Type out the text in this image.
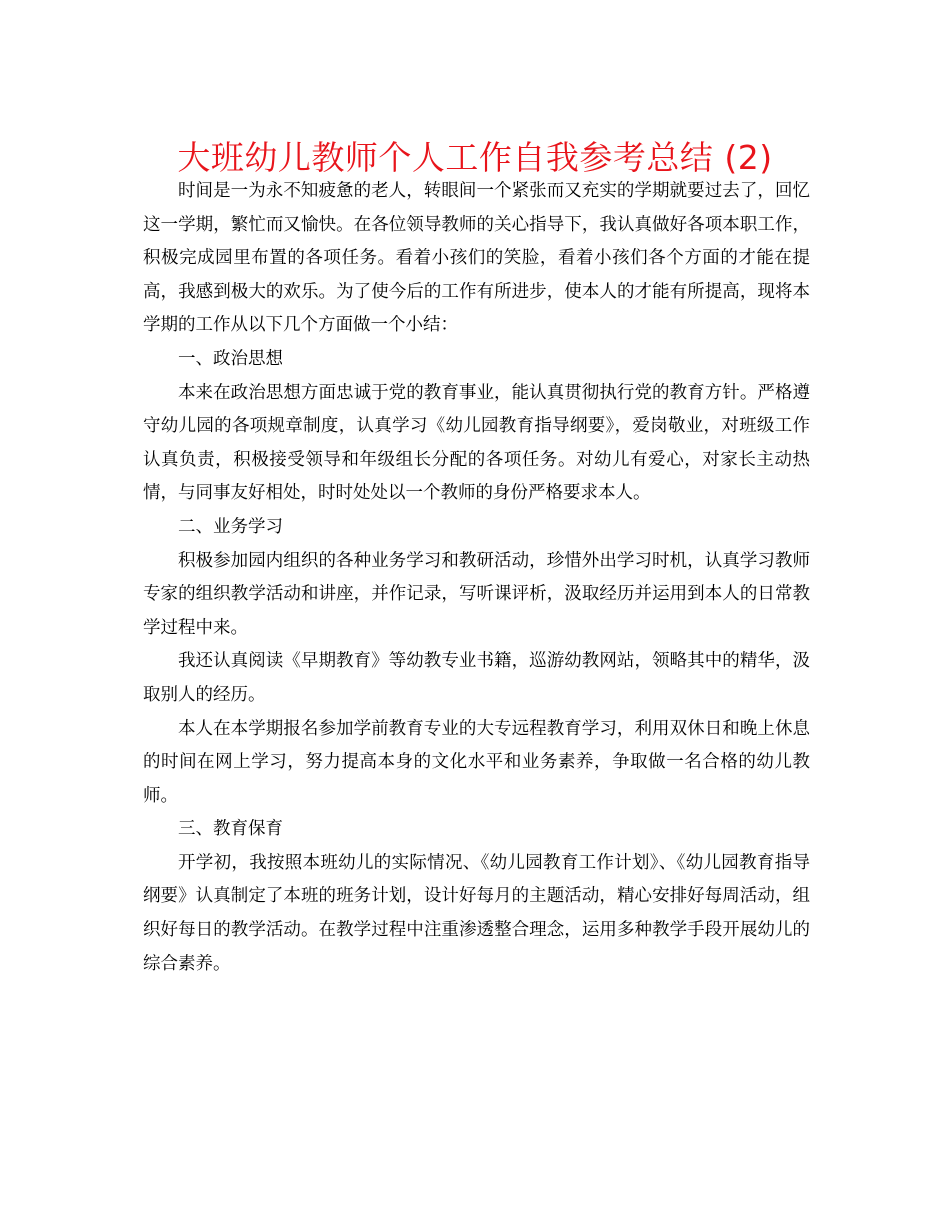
大班幼儿教师个人工作自我参考总结 (2)

时间是一为永不知疲惫的老人，转眼间一个紧张而又充实的学期就要过去了，回忆这一学期，繁忙而又愉快。在各位领导教师的关心指导下，我认真做好各项本职工作，积极完成园里布置的各项任务。看着小孩们的笑脸，看着小孩们各个方面的才能在提高，我感到极大的欢乐。为了使今后的工作有所进步，使本人的才能有所提高，现将本学期的工作从以下几个方面做一个小结：

一、政治思想

本来在政治思想方面忠诚于党的教育事业，能认真贯彻执行党的教育方针。严格遵守幼儿园的各项规章制度，认真学习《幼儿园教育指导纲要》，爱岗敬业，对班级工作认真负责，积极接受领导和年级组长分配的各项任务。对幼儿有爱心，对家长主动热情，与同事友好相处，时时处处以一个教师的身份严格要求本人。

二、业务学习

积极参加园内组织的各种业务学习和教研活动，珍惜外出学习时机，认真学习教师专家的组织教学活动和讲座，并作记录，写听课评析，汲取经历并运用到本人的日常教学过程中来。

我还认真阅读《早期教育》等幼教专业书籍，巡游幼教网站，领略其中的精华，汲取别人的经历。

本人在本学期报名参加学前教育专业的大专远程教育学习，利用双休日和晚上休息的时间在网上学习，努力提高本身的文化水平和业务素养，争取做一名合格的幼儿教师。

三、教育保育

开学初，我按照本班幼儿的实际情况、《幼儿园教育工作计划》、《幼儿园教育指导纲要》认真制定了本班的班务计划，设计好每月的主题活动，精心安排好每周活动，组织好每日的教学活动。在教学过程中注重渗透整合理念，运用多种教学手段开展幼儿的综合素养。
